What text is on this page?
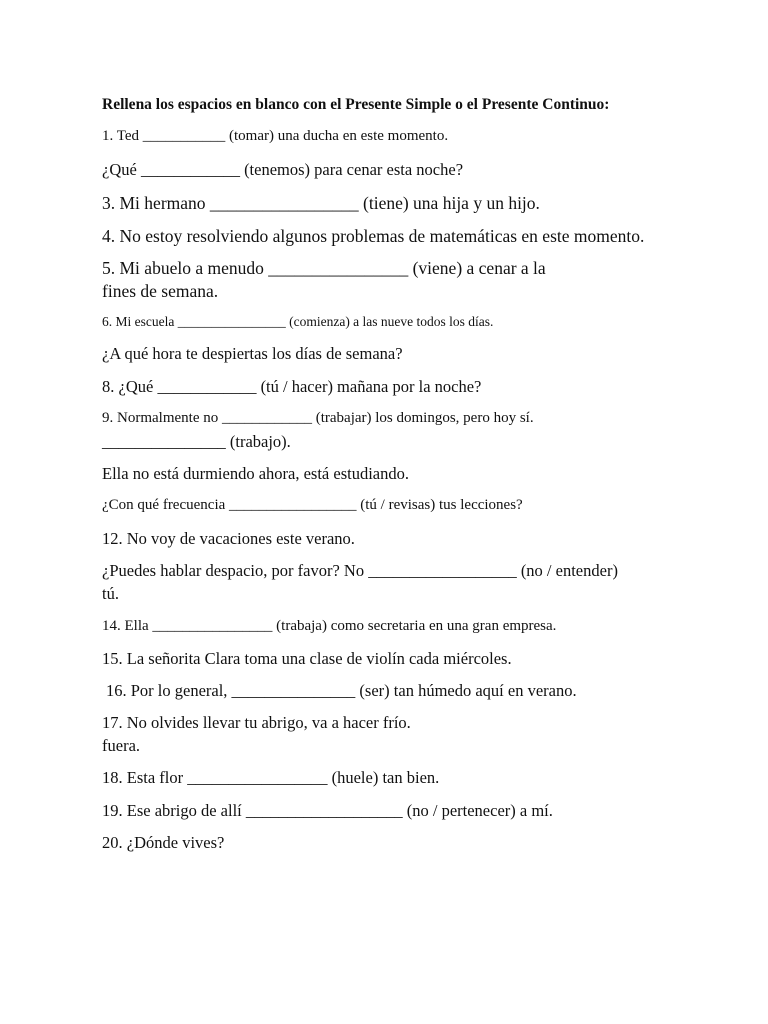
Rellena los espacios en blanco con el Presente Simple o el Presente Continuo:
1. Ted ___________ (tomar) una ducha en este momento.
¿Qué ____________ (tenemos) para cenar esta noche?
3. Mi hermano _________________ (tiene) una hija y un hijo.
4. No estoy resolviendo algunos problemas de matemáticas en este momento.
5. Mi abuelo a menudo ________________ (viene) a cenar a la
fines de semana.
6. Mi escuela ________________ (comienza) a las nueve todos los días.
¿A qué hora te despiertas los días de semana?
8. ¿Qué ____________ (tú / hacer) mañana por la noche?
9. Normalmente no ____________ (trabajar) los domingos, pero hoy sí.
_______________ (trabajo).
Ella no está durmiendo ahora, está estudiando.
¿Con qué frecuencia _________________ (tú / revisas) tus lecciones?
12. No voy de vacaciones este verano.
¿Puedes hablar despacio, por favor? No __________________ (no / entender)
tú.
14. Ella ________________ (trabaja) como secretaria en una gran empresa.
15. La señorita Clara toma una clase de violín cada miércoles.
16. Por lo general, _______________ (ser) tan húmedo aquí en verano.
17. No olvides llevar tu abrigo, va a hacer frío.
fuera.
18. Esta flor _________________ (huele) tan bien.
19. Ese abrigo de allí ___________________ (no / pertenecer) a mí.
20. ¿Dónde vives?
